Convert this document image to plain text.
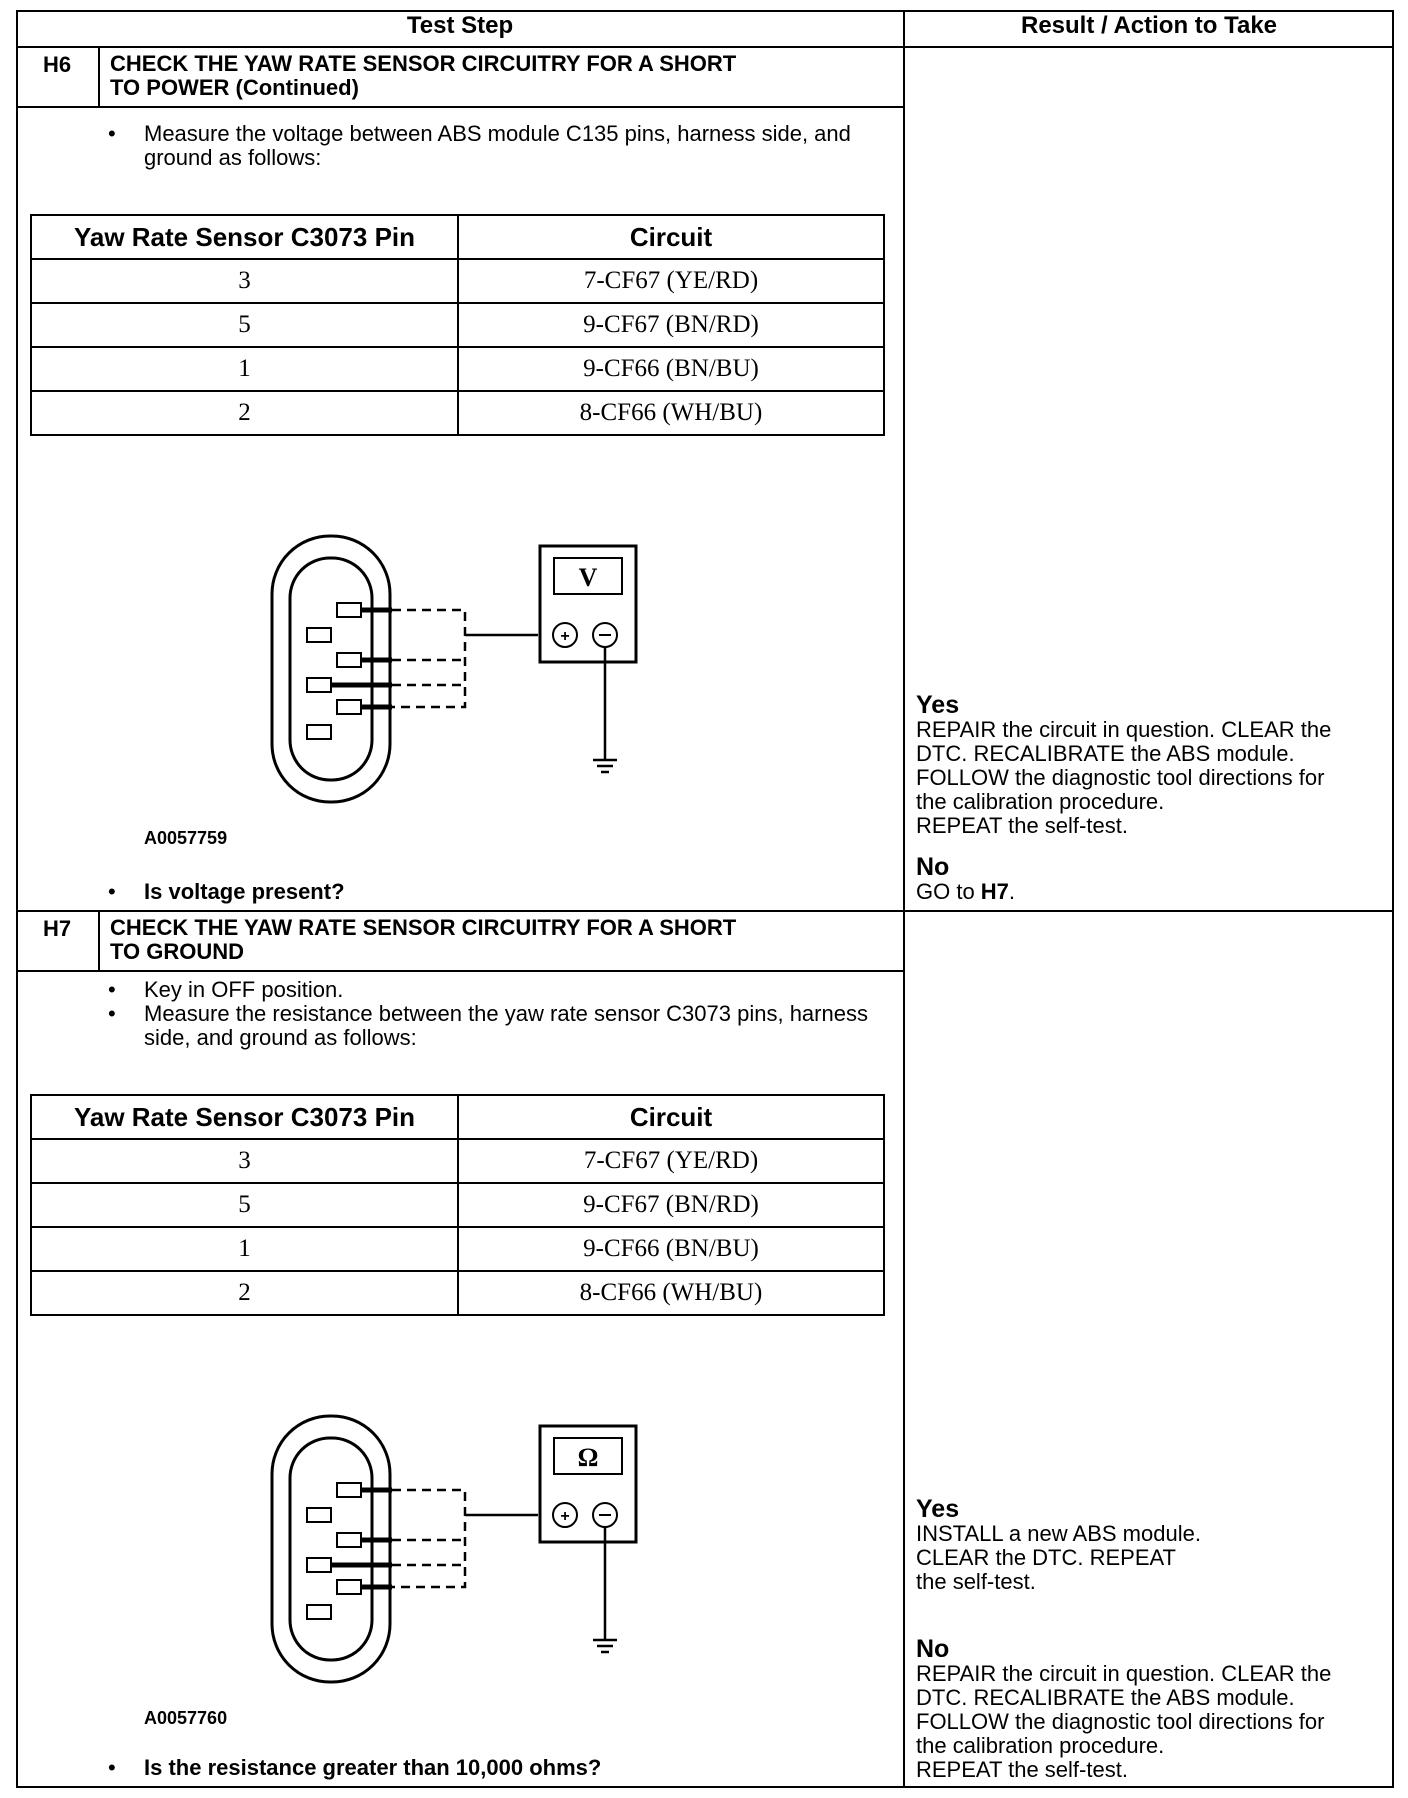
Test Step	Result / Action to Take
H6	CHECK THE YAW RATE SENSOR CIRCUITRY FOR A SHORT
TO POWER (Continued)
• Measure the voltage between ABS module C135 pins, harness side, and ground as follows:
Yaw Rate Sensor C3073 Pin	Circuit
3	7-CF67 (YE/RD)
5	9-CF67 (BN/RD)
1	9-CF66 (BN/BU)
2	8-CF66 (WH/BU)
V
+
A0057759
• Is voltage present?
Yes
REPAIR the circuit in question. CLEAR the
DTC. RECALIBRATE the ABS module.
FOLLOW the diagnostic tool directions for
the calibration procedure.
REPEAT the self-test.
No
GO to H7.
H7	CHECK THE YAW RATE SENSOR CIRCUITRY FOR A SHORT
TO GROUND
• Key in OFF position.
• Measure the resistance between the yaw rate sensor C3073 pins, harness side, and ground as follows:
Yaw Rate Sensor C3073 Pin	Circuit
3	7-CF67 (YE/RD)
5	9-CF67 (BN/RD)
1	9-CF66 (BN/BU)
2	8-CF66 (WH/BU)
Ω
+
A0057760
• Is the resistance greater than 10,000 ohms?
Yes
INSTALL a new ABS module.
CLEAR the DTC. REPEAT
the self-test.
No
REPAIR the circuit in question. CLEAR the
DTC. RECALIBRATE the ABS module.
FOLLOW the diagnostic tool directions for
the calibration procedure.
REPEAT the self-test.
